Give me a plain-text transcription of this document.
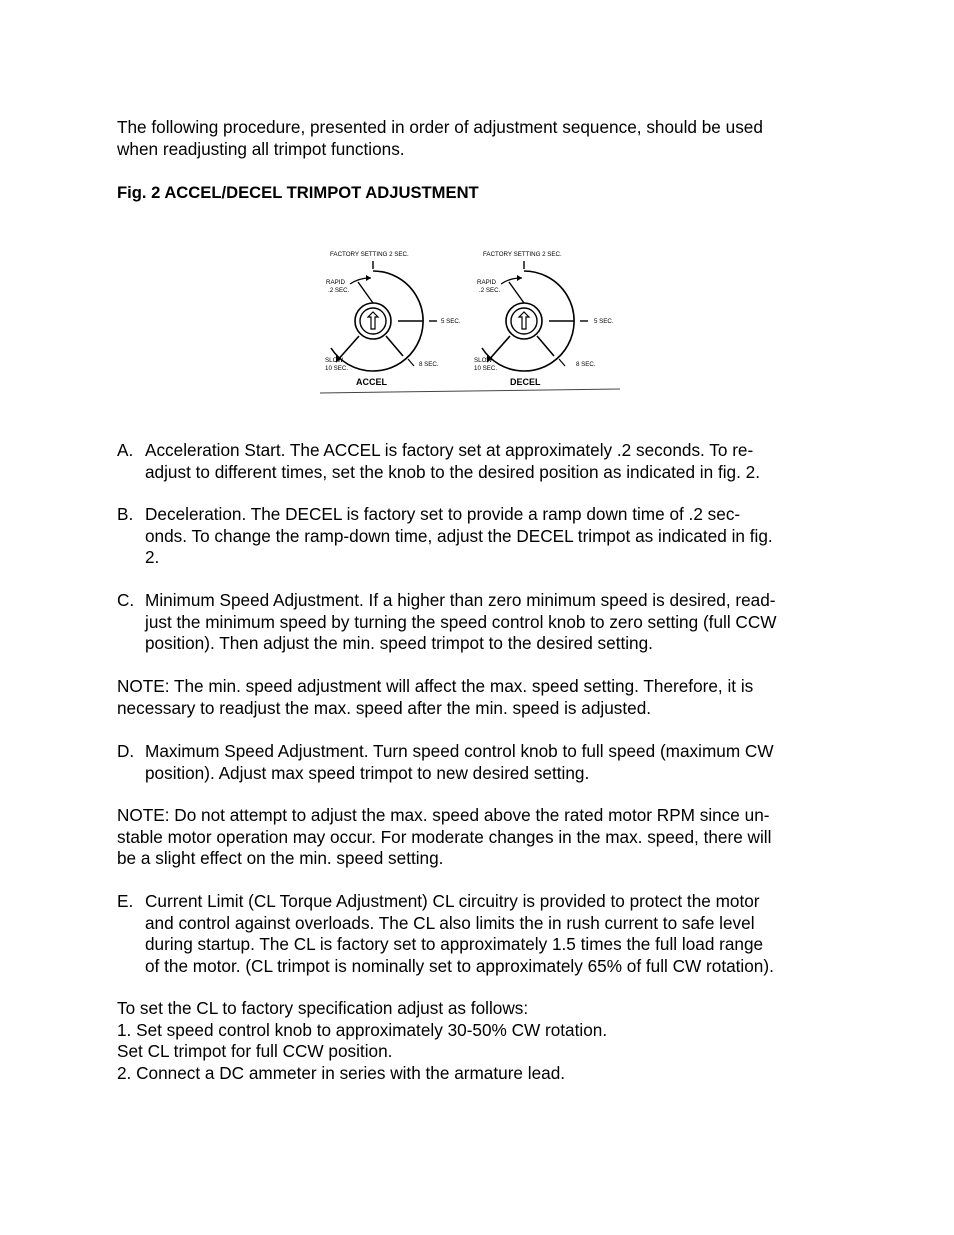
The following procedure, presented in order of adjustment sequence, should be used
when readjusting all trimpot functions.
Fig. 2 ACCEL/DECEL TRIMPOT ADJUSTMENT
FACTORY SETTING 2 SEC.
RAPID
.2 SEC.
5 SEC.
8 SEC.
SLOW
10 SEC.
ACCEL
FACTORY SETTING 2 SEC.
RAPID
.2 SEC.
5 SEC.
8 SEC.
SLOW
10 SEC.
DECEL
A. Acceleration Start. The ACCEL is factory set at approximately .2 seconds. To re-
adjust to different times, set the knob to the desired position as indicated in fig. 2.
B. Deceleration. The DECEL is factory set to provide a ramp down time of .2 sec-
onds. To change the ramp-down time, adjust the DECEL trimpot as indicated in fig.
2.
C. Minimum Speed Adjustment. If a higher than zero minimum speed is desired, read-
just the minimum speed by turning the speed control knob to zero setting (full CCW
position). Then adjust the min. speed trimpot to the desired setting.
NOTE: The min. speed adjustment will affect the max. speed setting. Therefore, it is
necessary to readjust the max. speed after the min. speed is adjusted.
D. Maximum Speed Adjustment. Turn speed control knob to full speed (maximum CW
position). Adjust max speed trimpot to new desired setting.
NOTE: Do not attempt to adjust the max. speed above the rated motor RPM since un-
stable motor operation may occur. For moderate changes in the max. speed, there will
be a slight effect on the min. speed setting.
E. Current Limit (CL Torque Adjustment) CL circuitry is provided to protect the motor
and control against overloads. The CL also limits the in rush current to safe level
during startup. The CL is factory set to approximately 1.5 times the full load range
of the motor. (CL trimpot is nominally set to approximately 65% of full CW rotation).
To set the CL to factory specification adjust as follows:
1. Set speed control knob to approximately 30-50% CW rotation.
Set CL trimpot for full CCW position.
2. Connect a DC ammeter in series with the armature lead.
